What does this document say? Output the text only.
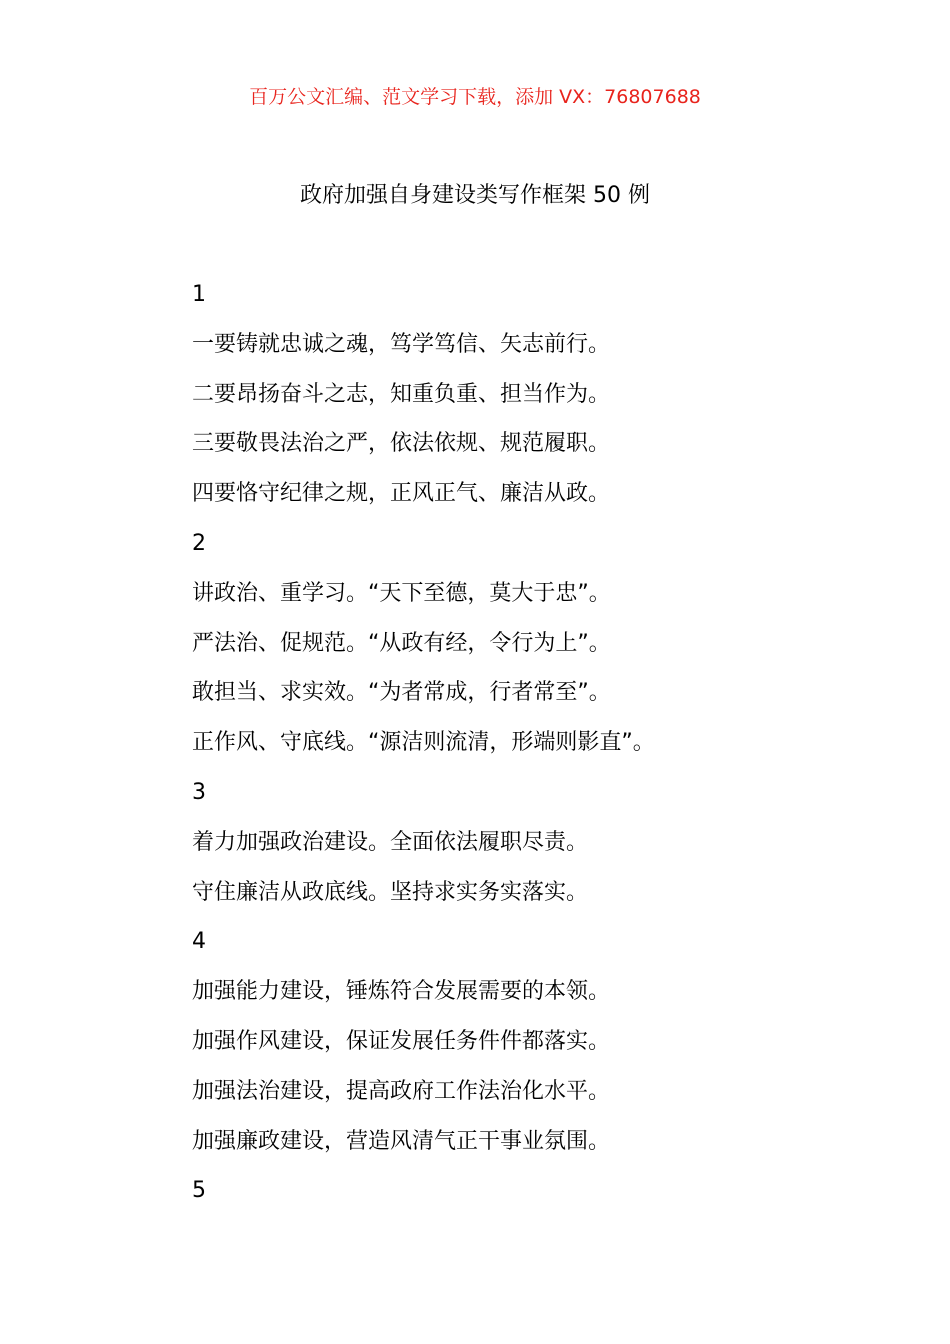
百万公文汇编、范文学习下载，添加 VX：76807688
政府加强自身建设类写作框架 50 例
1
一要铸就忠诚之魂，笃学笃信、矢志前行。
二要昂扬奋斗之志，知重负重、担当作为。
三要敬畏法治之严，依法依规、规范履职。
四要恪守纪律之规，正风正气、廉洁从政。
2
讲政治、重学习。“天下至德，莫大于忠”。
严法治、促规范。“从政有经，令行为上”。
敢担当、求实效。“为者常成，行者常至”。
正作风、守底线。“源洁则流清，形端则影直”。
3
着力加强政治建设。全面依法履职尽责。
守住廉洁从政底线。坚持求实务实落实。
4
加强能力建设，锤炼符合发展需要的本领。
加强作风建设，保证发展任务件件都落实。
加强法治建设，提高政府工作法治化水平。
加强廉政建设，营造风清气正干事业氛围。
5
